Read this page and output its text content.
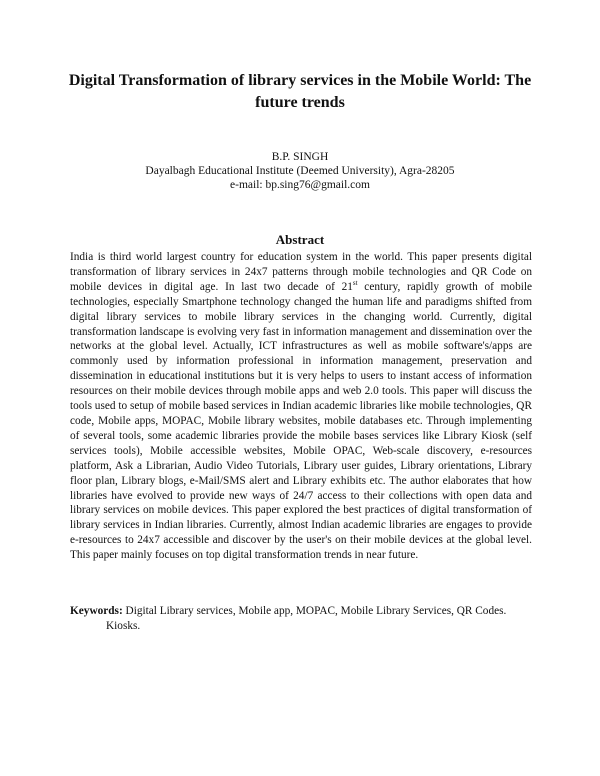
Digital Transformation of library services in the Mobile World: The
future trends
B.P. SINGH
Dayalbagh Educational Institute (Deemed University), Agra-28205
e-mail: bp.sing76@gmail.com
Abstract
India is third world largest country for education system in the world. This paper presents digital transformation of library services in 24x7 patterns through mobile technologies and QR Code on mobile devices in digital age. In last two decade of 21st century, rapidly growth of mobile technologies, especially Smartphone technology changed the human life and paradigms shifted from digital library services to mobile library services in the changing world. Currently, digital transformation landscape is evolving very fast in information management and dissemination over the networks at the global level. Actually, ICT infrastructures as well as mobile software's/apps are commonly used by information professional in information management, preservation and dissemination in educational institutions but it is very helps to users to instant access of information resources on their mobile devices through mobile apps and web 2.0 tools. This paper will discuss the tools used to setup of mobile based services in Indian academic libraries like mobile technologies, QR code, Mobile apps, MOPAC, Mobile library websites, mobile databases etc. Through implementing of several tools, some academic libraries provide the mobile bases services like Library Kiosk (self services tools), Mobile accessible websites, Mobile OPAC, Web-scale discovery, e-resources platform, Ask a Librarian, Audio Video Tutorials, Library user guides, Library orientations, Library floor plan, Library blogs, e-Mail/SMS alert and Library exhibits etc. The author elaborates that how libraries have evolved to provide new ways of 24/7 access to their collections with open data and library services on mobile devices. This paper explored the best practices of digital transformation of library services in Indian libraries. Currently, almost Indian academic libraries are engages to provide e-resources to 24x7 accessible and discover by the user's on their mobile devices at the global level. This paper mainly focuses on top digital transformation trends in near future.
Keywords: Digital Library services, Mobile app, MOPAC, Mobile Library Services, QR Codes.
Kiosks.
